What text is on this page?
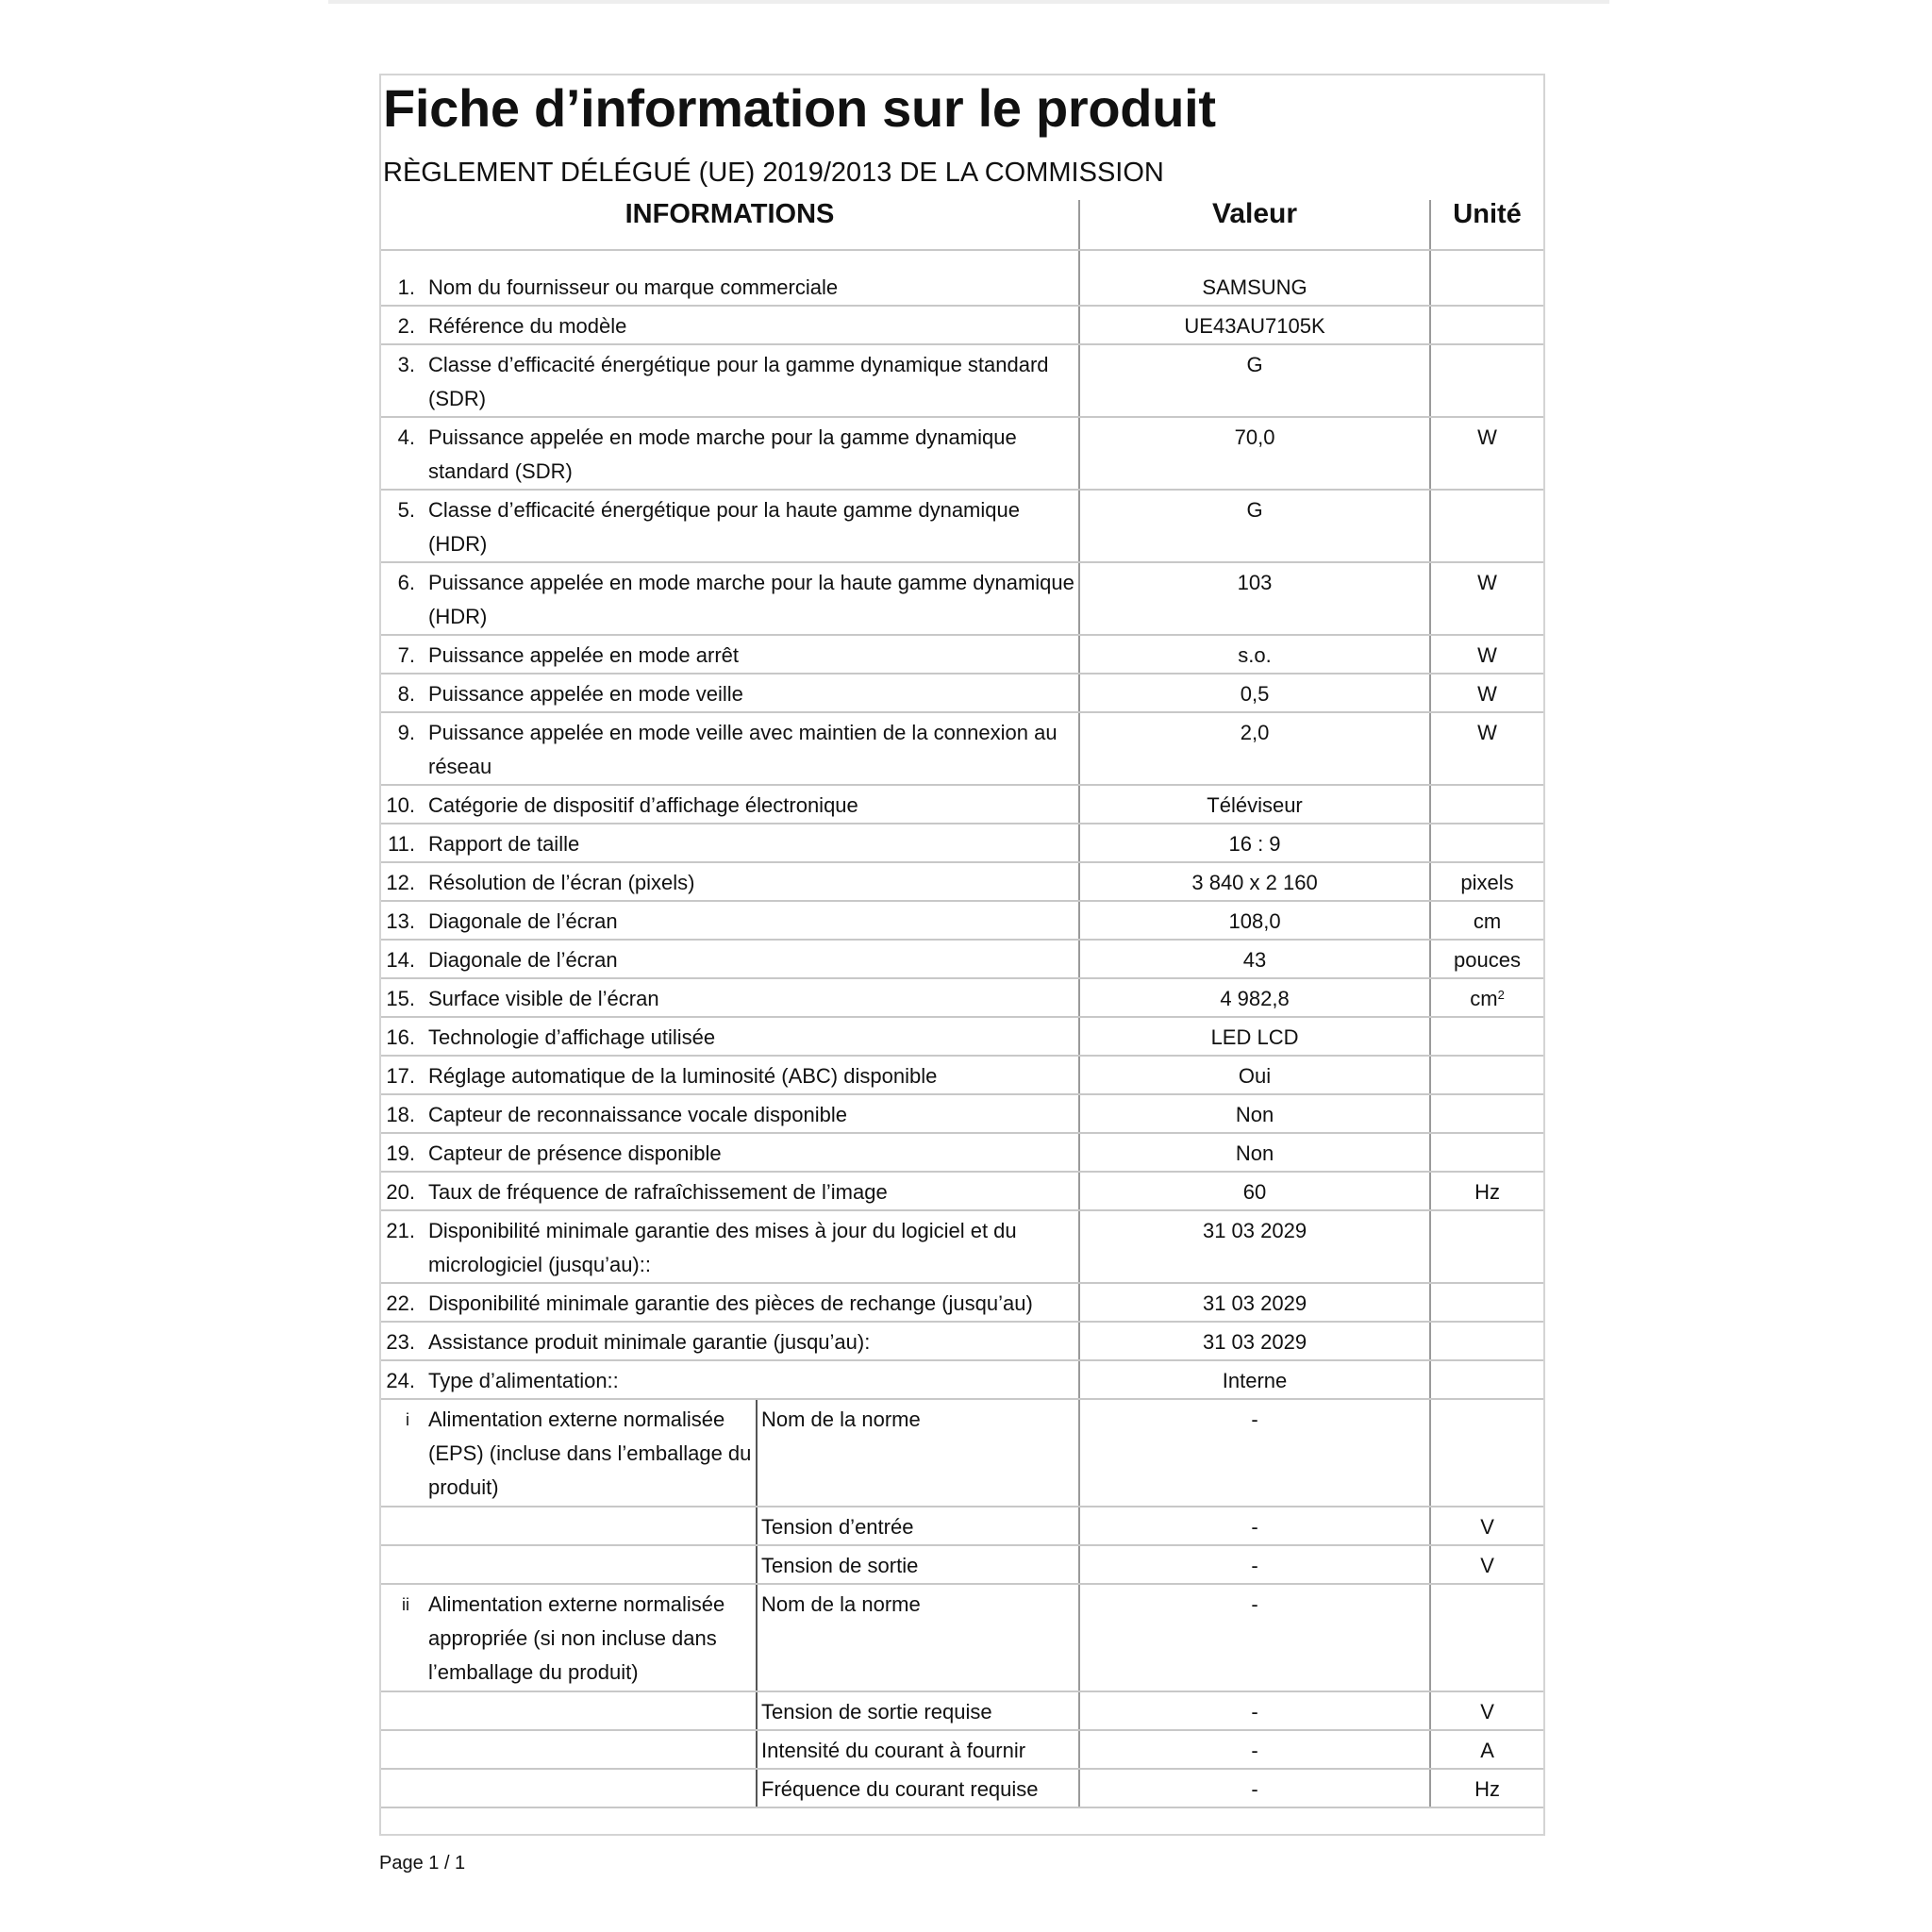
Fiche d’information sur le produit
RÈGLEMENT DÉLÉGUÉ (UE) 2019/2013 DE LA COMMISSION
INFORMATIONS			Valeur	Unité

1.	Nom du fournisseur ou marque commerciale		SAMSUNG	
2.	Référence du modèle		UE43AU7105K	
3.	Classe d’efficacité énergétique pour la gamme dynamique standard (SDR)		G	
4.	Puissance appelée en mode marche pour la gamme dynamique standard (SDR)		70,0	W
5.	Classe d’efficacité énergétique pour la haute gamme dynamique (HDR)		G	
6.	Puissance appelée en mode marche pour la haute gamme dynamique (HDR)		103	W
7.	Puissance appelée en mode arrêt		s.o.	W
8.	Puissance appelée en mode veille		0,5	W
9.	Puissance appelée en mode veille avec maintien de la connexion au réseau		2,0	W
10.	Catégorie de dispositif d’affichage électronique		Téléviseur	
11.	Rapport de taille		16 : 9	
12.	Résolution de l’écran (pixels)		3 840 x 2 160	pixels
13.	Diagonale de l’écran		108,0	cm
14.	Diagonale de l’écran		43	pouces
15.	Surface visible de l’écran		4 982,8	$cm^2$
16.	Technologie d’affichage utilisée		LED LCD	
17.	Réglage automatique de la luminosité (ABC) disponible		Oui	
18.	Capteur de reconnaissance vocale disponible		Non	
19.	Capteur de présence disponible		Non	
20.	Taux de fréquence de rafraîchissement de l’image		60	Hz
21.	Disponibilité minimale garantie des mises à jour du logiciel et du micrologiciel (jusqu’au)::		31 03 2029	
22.	Disponibilité minimale garantie des pièces de rechange (jusqu’au)		31 03 2029	
23.	Assistance produit minimale garantie (jusqu’au):		31 03 2029	
24.	Type d’alimentation::		Interne	
i	Alimentation externe normalisée (EPS) (incluse dans l’emballage du produit)	Nom de la norme	-	
		Tension d’entrée	-	V
		Tension de sortie	-	V
ii	Alimentation externe normalisée appropriée (si non incluse dans l’emballage du produit)	Nom de la norme	-	
		Tension de sortie requise	-	V
		Intensité du courant à fournir	-	A
		Fréquence du courant requise	-	Hz
Page 1 / 1
